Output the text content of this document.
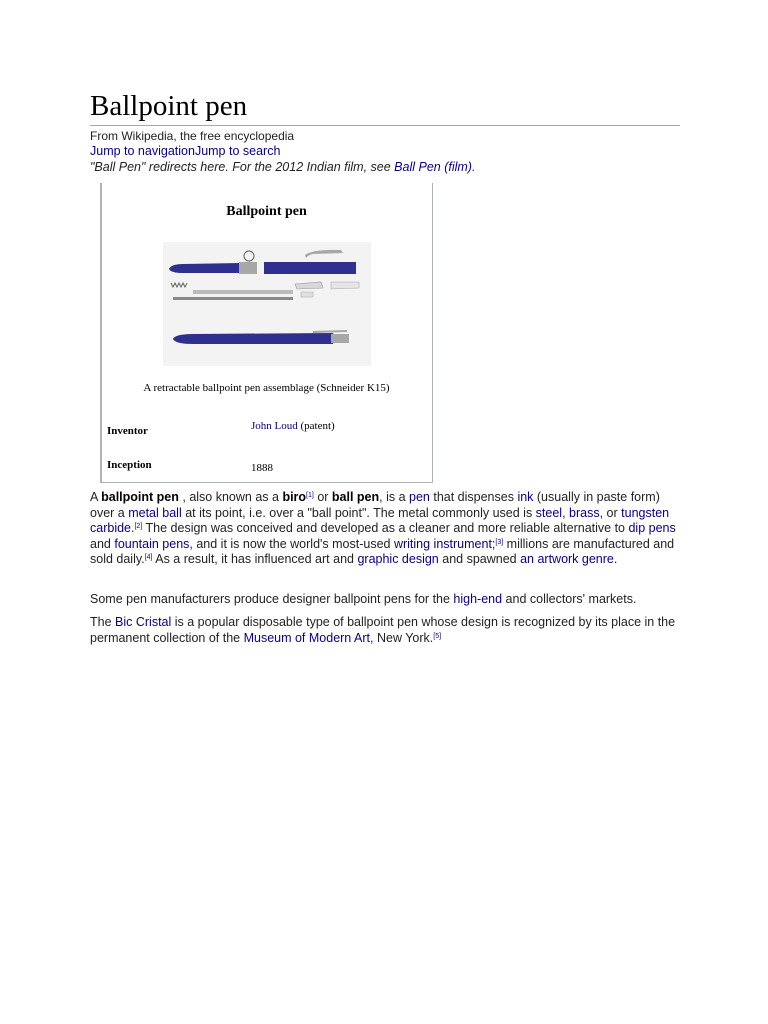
Ballpoint pen
From Wikipedia, the free encyclopedia
Jump to navigationJump to search
"Ball Pen" redirects here. For the 2012 Indian film, see Ball Pen (film).
Ballpoint pen
A retractable ballpoint pen assemblage (Schneider K15)
Inventor	John Loud (patent)
Inception	1888

A ballpoint pen , also known as a biro[1] or ball pen, is a pen that dispenses ink (usually in paste form) over a metal ball at its point, i.e. over a "ball point". The metal commonly used is steel, brass, or tungsten carbide.[2] The design was conceived and developed as a cleaner and more reliable alternative to dip pens and fountain pens, and it is now the world's most-used writing instrument;[3] millions are manufactured and sold daily.[4] As a result, it has influenced art and graphic design and spawned an artwork genre.

Some pen manufacturers produce designer ballpoint pens for the high-end and collectors' markets.

The Bic Cristal is a popular disposable type of ballpoint pen whose design is recognized by its place in the permanent collection of the Museum of Modern Art, New York.[5]
